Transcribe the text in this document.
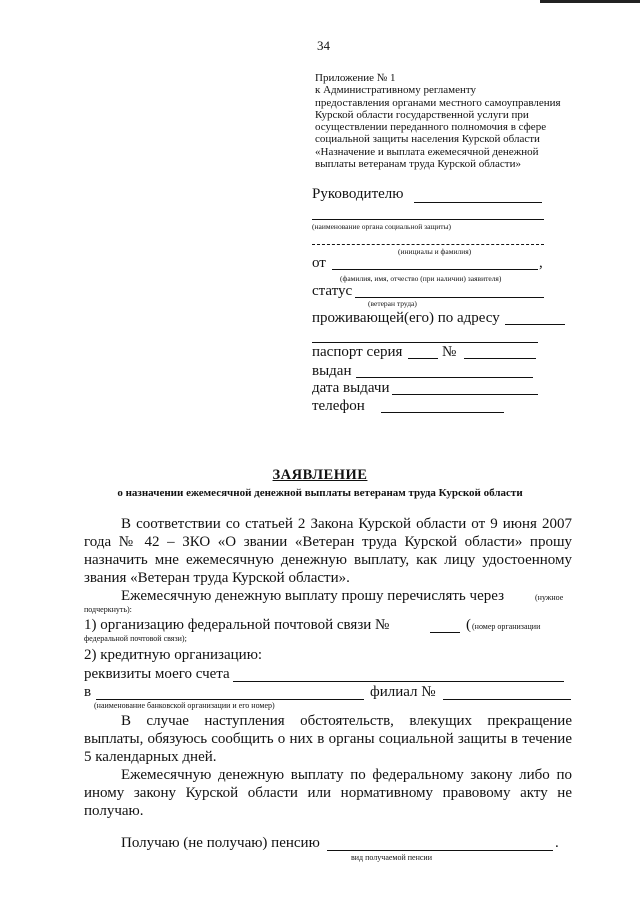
34
Приложение № 1
к Административному регламенту
предоставления органами местного самоуправления
Курской области государственной услуги при
осуществлении переданного полномочия в сфере
социальной защиты населения Курской области
«Назначение и выплата ежемесячной денежной
выплаты ветеранам труда Курской области»
Руководителю
(наименование органа социальной защиты)
(инициалы и фамилия)
от	,
(фамилия, имя, отчество (при наличии) заявителя)
статус
(ветеран труда)
проживающей(его) по адресу
паспорт серия	№
выдан
дата выдачи
телефон
ЗАЯВЛЕНИЕ
о назначении ежемесячной денежной выплаты ветеранам труда Курской области
В соответствии со статьей 2 Закона Курской области от 9 июня 2007
года № 42 – ЗКО «О звании «Ветеран труда Курской области» прошу
назначить мне ежемесячную денежную выплату, как лицу удостоенному
звания «Ветеран труда Курской области».
Ежемесячную денежную выплату прошу перечислять через	(нужное
подчеркнуть):
1) организацию федеральной почтовой связи №	( (номер организации
федеральной почтовой связи);
2) кредитную организацию:
реквизиты моего счета
в	филиал №
(наименование банковской организации и его номер)
В случае наступления обстоятельств, влекущих прекращение
выплаты, обязуюсь сообщить о них в органы социальной защиты в течение
5 календарных дней.
Ежемесячную денежную выплату по федеральному закону либо по
иному закону Курской области или нормативному правовому акту не
получаю.
Получаю (не получаю) пенсию	.
вид получаемой пенсии
